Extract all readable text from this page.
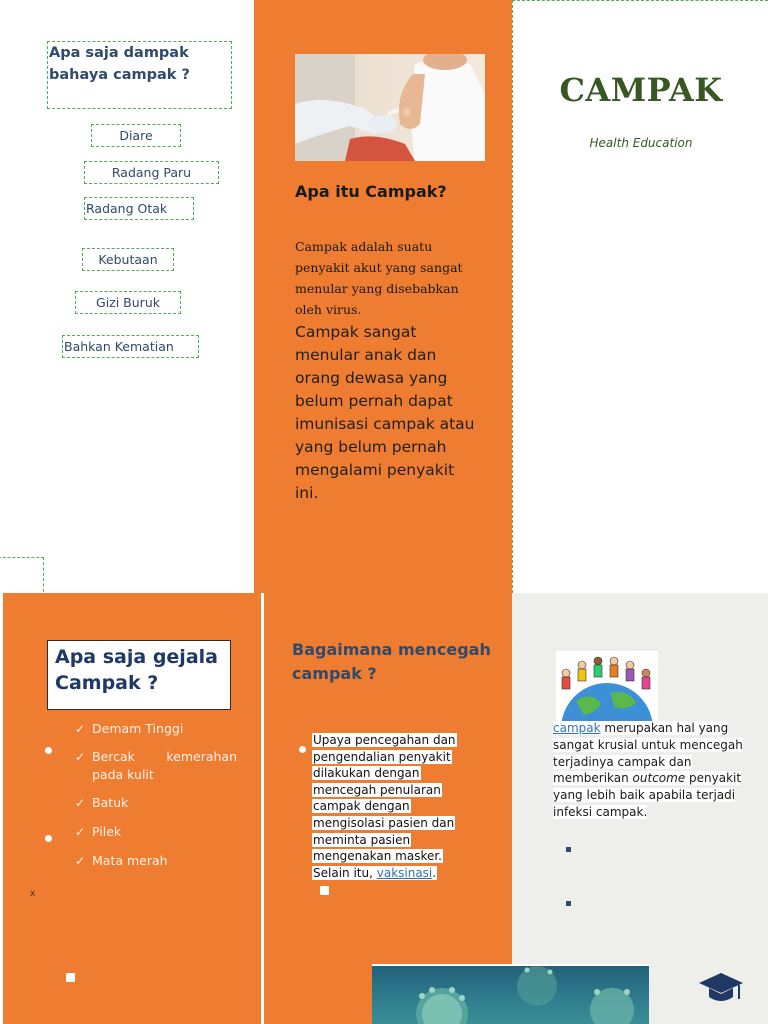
Apa saja dampak bahaya campak ?
Diare
Radang Paru
Radang Otak
Kebutaan
Gizi Buruk
Bahkan Kematian
Apa itu Campak?

Campak adalah suatu penyakit akut yang sangat menular yang disebabkan oleh virus.

Campak sangat menular anak dan orang dewasa yang belum pernah dapat imunisasi campak atau yang belum pernah mengalami penyakit ini.

CAMPAK
Health Education
Apa saja gejala Campak ?
✓ Demam Tinggi
✓ Bercak kemerahan pada kulit
✓ Batuk
✓ Pilek
✓ Mata merah
x
Bagaimana mencegah campak ?

Upaya pencegahan dan pengendalian penyakit dilakukan dengan mencegah penularan campak dengan mengisolasi pasien dan meminta pasien mengenakan masker. Selain itu, vaksinasi.

campak merupakan hal yang sangat krusial untuk mencegah terjadinya campak dan memberikan outcome penyakit yang lebih baik apabila terjadi infeksi campak.
